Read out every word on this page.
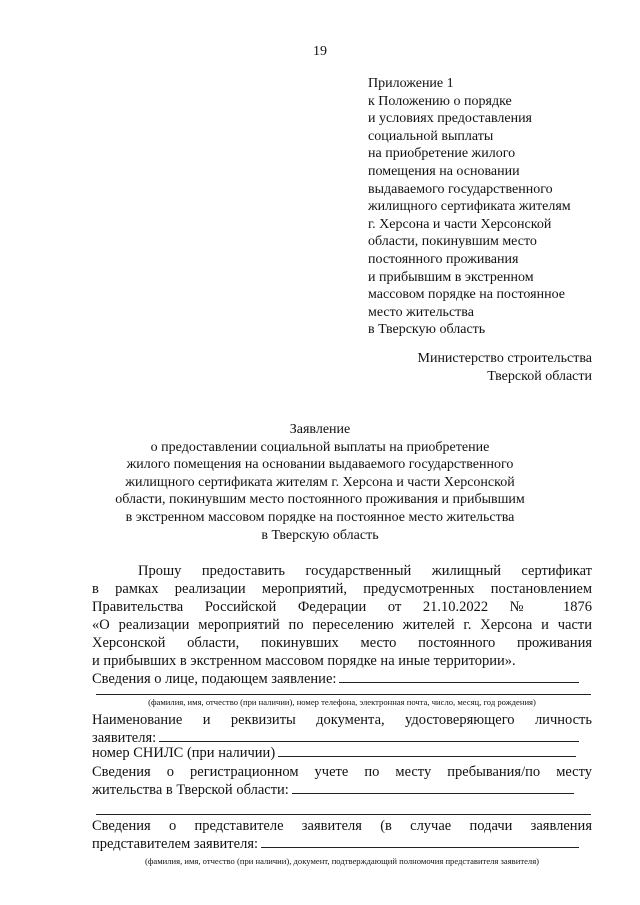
19
Приложение 1
к Положению о порядке
и условиях предоставления
социальной выплаты
на приобретение жилого
помещения на основании
выдаваемого государственного
жилищного сертификата жителям
г. Херсона и части Херсонской
области, покинувшим место
постоянного проживания
и прибывшим в экстренном
массовом порядке на постоянное
место жительства
в Тверскую область
Министерство строительства
Тверской области
Заявление
о предоставлении социальной выплаты на приобретение
жилого помещения на основании выдаваемого государственного
жилищного сертификата жителям г. Херсона и части Херсонской
области, покинувшим место постоянного проживания и прибывшим
в экстренном массовом порядке на постоянное место жительства
в Тверскую область
Прошу предоставить государственный жилищный сертификат
в рамках реализации мероприятий, предусмотренных постановлением
Правительства Российской Федерации от 21.10.2022 № 1876
«О реализации мероприятий по переселению жителей г. Херсона и части
Херсонской области, покинувших место постоянного проживания
и прибывших в экстренном массовом порядке на иные территории».
Сведения о лице, подающем заявление:
(фамилия, имя, отчество (при наличии), номер телефона, электронная почта, число, месяц, год рождения)
Наименование и реквизиты документа, удостоверяющего личность
заявителя:
номер СНИЛС (при наличии)
Сведения о регистрационном учете по месту пребывания/по месту
жительства в Тверской области:
Сведения о представителе заявителя (в случае подачи заявления
представителем заявителя:
(фамилия, имя, отчество (при наличии), документ, подтверждающий полномочия представителя заявителя)
